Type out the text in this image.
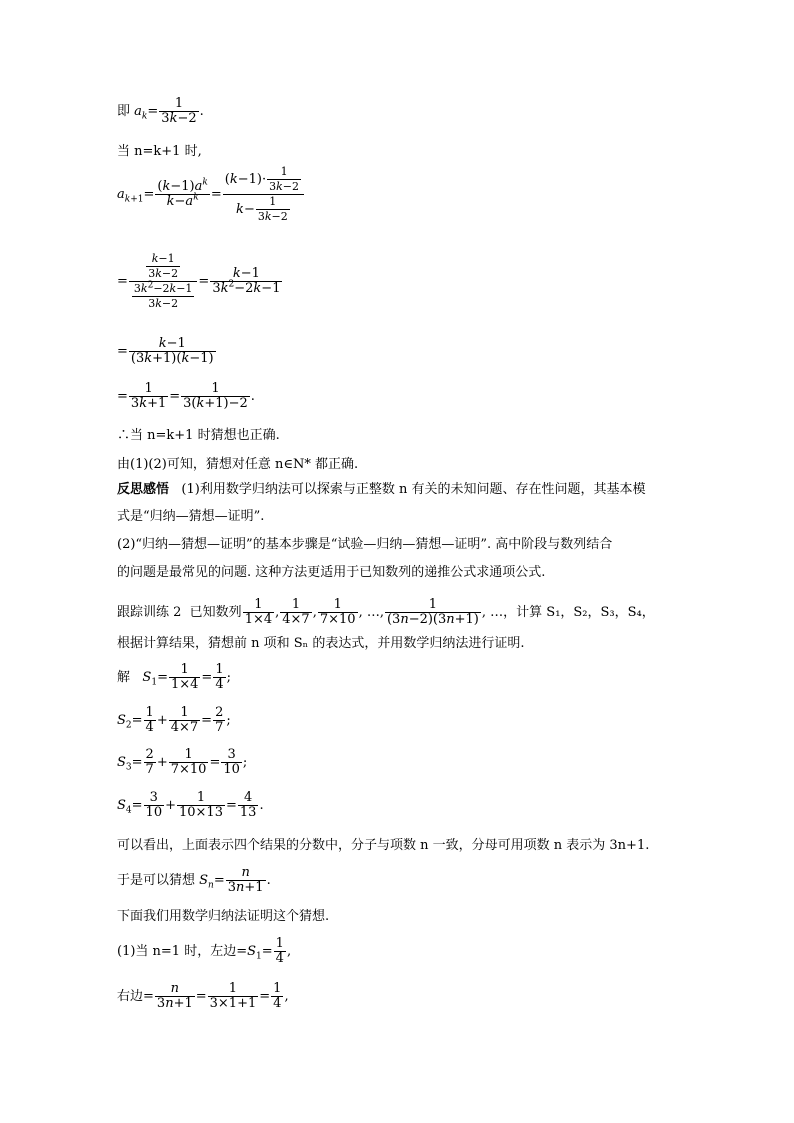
即 $a_k= \frac{1}{3k-2}$ .
当 n=k+1 时,
$a_{k+1}= \frac{(k-1)a^k}{k-a^k} = \frac{(k-1)\cdot \frac{1}{3k-2}}{k- \frac{1}{3k-2}}$
= $\frac{\frac{k-1}{3k-2}}{\frac{3k^2-2k-1}{3k-2}} = \frac{k-1}{3k^2-2k-1}$
= $\frac{k-1}{(3k+1)(k-1)}$
= $\frac{1}{3k+1} = \frac{1}{3(k+1)-2}$ .
∴当 n=k+1 时猜想也正确.
由(1)(2)可知，猜想对任意 n∈N* 都正确.
反思感悟 (1)利用数学归纳法可以探索与正整数 n 有关的未知问题、存在性问题，其基本模
式是“归纳—猜想—证明”.
(2)“归纳—猜想—证明”的基本步骤是“试验—归纳—猜想—证明”. 高中阶段与数列结合
的问题是最常见的问题. 这种方法更适用于已知数列的递推公式求通项公式.
跟踪训练 2 已知数列 $\frac{1}{1\times 4}$ , $\frac{1}{4\times 7}$ , $\frac{1}{7\times 10}$ , …, $\frac{1}{(3n-2)(3n+1)}$ , …，计算 S₁，S₂，S₃，S₄，
根据计算结果，猜想前 n 项和 Sₙ 的表达式，并用数学归纳法进行证明.
解 $S_1= \frac{1}{1\times 4} = \frac{1}{4}$ ;
$S_2= \frac{1}{4} + \frac{1}{4\times 7} = \frac{2}{7}$ ;
$S_3= \frac{2}{7} + \frac{1}{7\times 10} = \frac{3}{10}$ ;
$S_4= \frac{3}{10} + \frac{1}{10\times 13} = \frac{4}{13}$ .
可以看出，上面表示四个结果的分数中，分子与项数 n 一致，分母可用项数 n 表示为 3n+1.
于是可以猜想 $S_n= \frac{n}{3n+1}$ .
下面我们用数学归纳法证明这个猜想.
(1)当 n=1 时，左边$=S_1= \frac{1}{4}$ ,
右边= $\frac{n}{3n+1} = \frac{1}{3\times 1+1} = \frac{1}{4}$ ,
